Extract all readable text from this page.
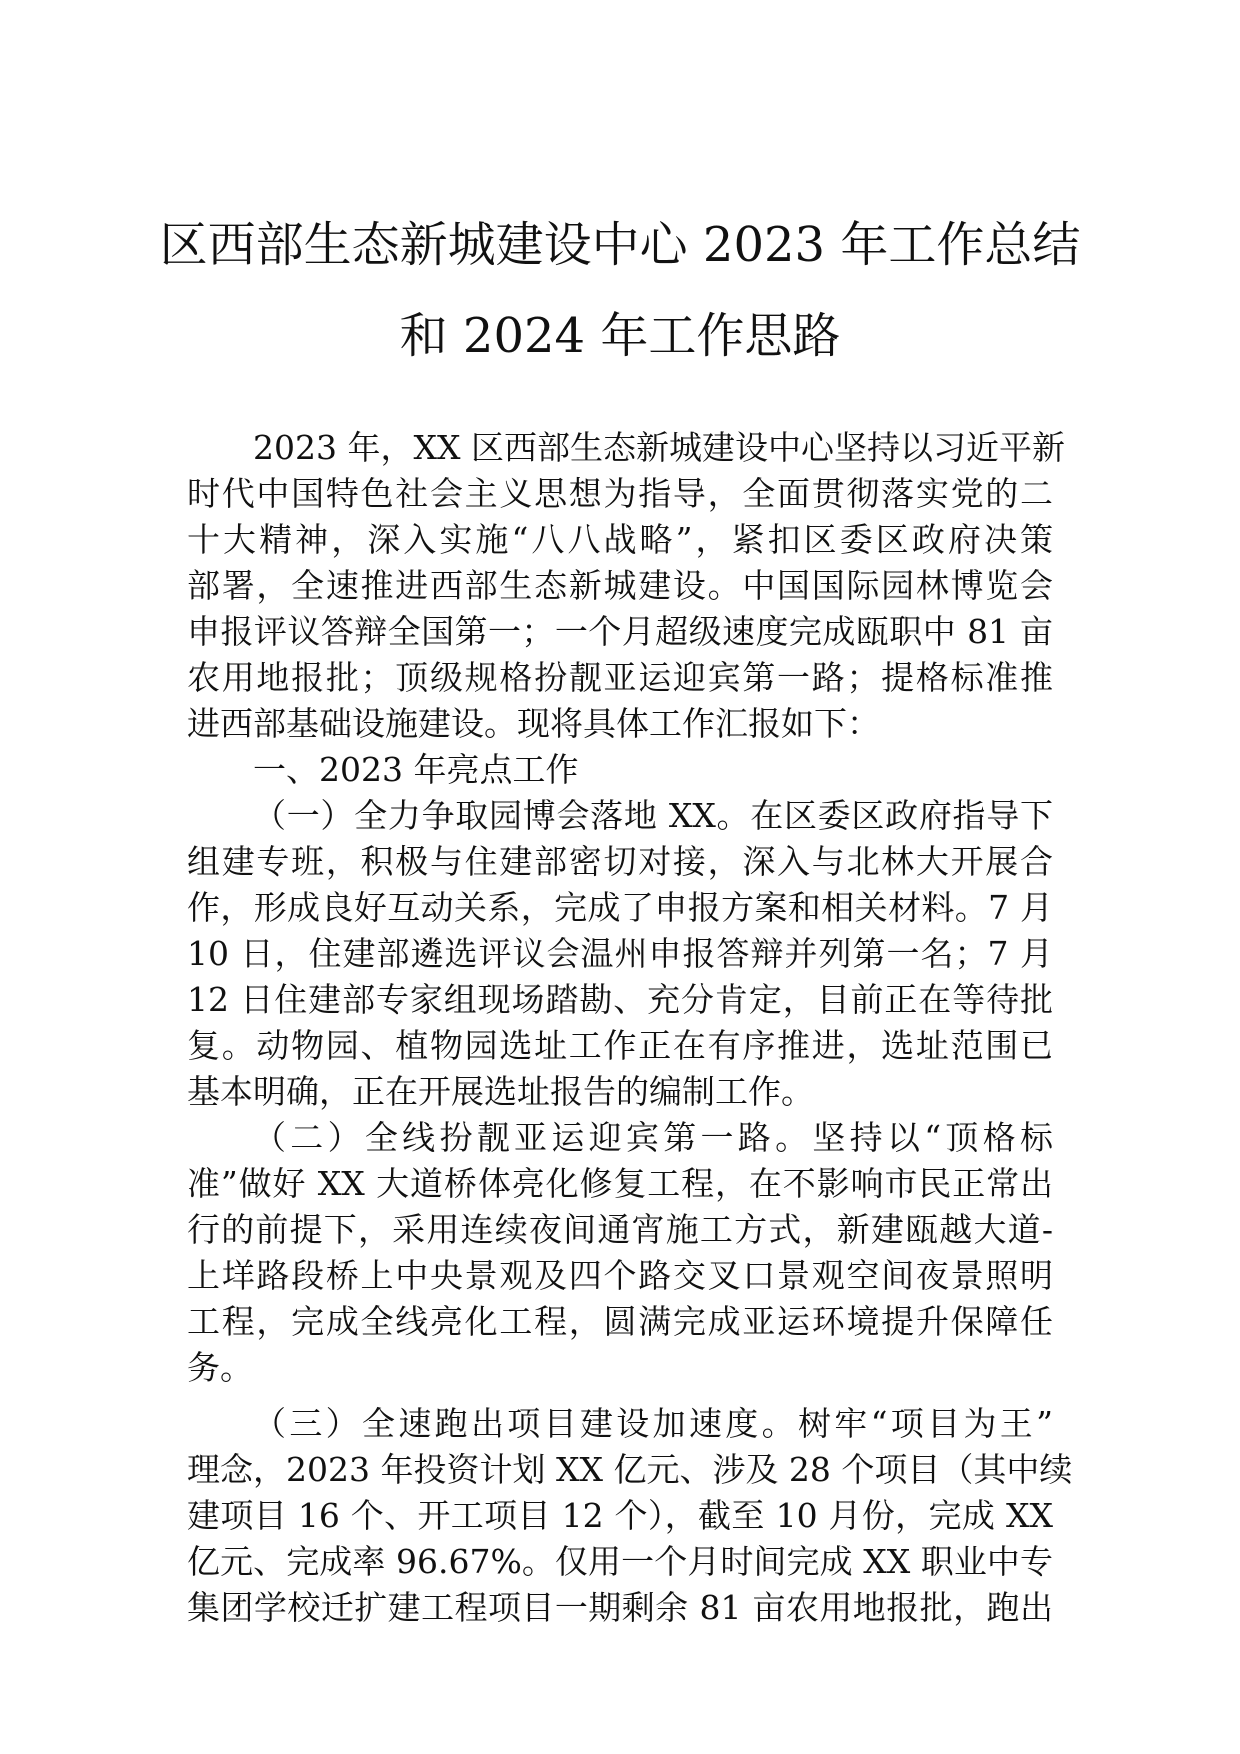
区西部生态新城建设中心 2023 年工作总结
和 2024 年工作思路
2023 年，XX 区西部生态新城建设中心坚持以习近平新
时代中国特色社会主义思想为指导，全面贯彻落实党的二
十大精神，深入实施“八八战略”，紧扣区委区政府决策
部署，全速推进西部生态新城建设。中国国际园林博览会
申报评议答辩全国第一；一个月超级速度完成瓯职中 81 亩
农用地报批；顶级规格扮靓亚运迎宾第一路；提格标准推
进西部基础设施建设。现将具体工作汇报如下：
一、2023 年亮点工作
（一）全力争取园博会落地 XX。在区委区政府指导下
组建专班，积极与住建部密切对接，深入与北林大开展合
作，形成良好互动关系，完成了申报方案和相关材料。7 月
10 日，住建部遴选评议会温州申报答辩并列第一名；7 月
12 日住建部专家组现场踏勘、充分肯定，目前正在等待批
复。动物园、植物园选址工作正在有序推进，选址范围已
基本明确，正在开展选址报告的编制工作。
（二）全线扮靓亚运迎宾第一路。坚持以“顶格标
准”做好 XX 大道桥体亮化修复工程，在不影响市民正常出
行的前提下，采用连续夜间通宵施工方式，新建瓯越大道-
上垟路段桥上中央景观及四个路交叉口景观空间夜景照明
工程，完成全线亮化工程，圆满完成亚运环境提升保障任
务。
（三）全速跑出项目建设加速度。树牢“项目为王”
理念，2023 年投资计划 XX 亿元、涉及 28 个项目（其中续
建项目 16 个、开工项目 12 个），截至 10 月份，完成 XX
亿元、完成率 96.67%。仅用一个月时间完成 XX 职业中专
集团学校迁扩建工程项目一期剩余 81 亩农用地报批，跑出
